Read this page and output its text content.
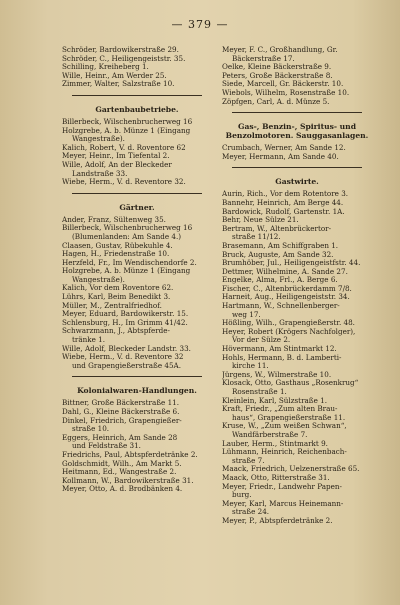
— 379 —
Schröder, Bardowikerstraße 29.
Schröder, C., Heiligengeiststr. 35.
Schilling, Kreiheberg 1.
Wille, Heinr., Am Werder 25.
Zimmer, Walter, Salzstraße 10.
Gartenbaubetriebe.
Billerbeck, Wilschenbrucherweg 16
Holzgrebe, A. b. Münze 1 (Eingang
Wangestraße).
Kalich, Robert, V. d. Roventore 62
Meyer, Heinr., Im Tiefental 2.
Wille, Adolf, An der Bleckeder
Landstraße 33.
Wiebe, Herm., V. d. Reventore 32.
Gärtner.
Ander, Franz, Sültenweg 35.
Billerbeck, Wilschenbrucherweg 16
(Blumenlanden: Am Sande 4.)
Claasen, Gustav, Rübekuhle 4.
Hagen, H., Friedenstraße 10.
Herzfeld, Fr., Im Wendischendorfe 2.
Holzgrebe, A. b. Münze 1 (Eingang
Wangestraße).
Kalich, Vor dem Roventore 62.
Lührs, Karl, Beim Benedikt 3.
Müller, M., Zentralfriedhof.
Meyer, Eduard, Bardowikerstr. 15.
Schlensburg, H., Im Grimm 41/42.
Schwarzmann, J., Abtspferde-
tränke 1.
Wille, Adolf, Bleckeder Landstr. 33.
Wiebe, Herm., V. d. Reventore 32
und Grapengießerstraße 45A.
Kolonialwaren-Handlungen.
Bittner, Große Bäckerstraße 11.
Dahl, G., Kleine Bäckerstraße 6.
Dinkel, Friedrich, Grapengießer-
straße 10.
Eggers, Heinrich, Am Sande 28
und Feldstraße 31.
Friedrichs, Paul, Abtspferdetränke 2.
Goldschmidt, Wilh., Am Markt 5.
Heitmann, Ed., Wangestraße 2.
Kollmann, W., Bardowikerstraße 31.
Meyer, Otto, A. d. Brodbänken 4.
Meyer, F. C., Großhandlung, Gr.
Bäckerstraße 17.
Oelke, Kleine Bäckerstraße 9.
Peters, Große Bäckerstraße 8.
Siede, Marcell, Gr. Bäckerstr. 10.
Wiebols, Wilhelm, Rosenstraße 10.
Zöpfgen, Carl, A. d. Münze 5.
Gas-, Benzin-, Spiritus- und Benzolmotoren. Sauggasanlagen.
Crumbach, Werner, Am Sande 12.
Meyer, Hermann, Am Sande 40.
Gastwirte.
Aurin, Rich., Vor dem Rotentore 3.
Bannehr, Heinrich, Am Berge 44.
Bardowick, Rudolf, Gartenstr. 1A.
Behr, Neue Sülze 21.
Bertram, W., Altenbrückertor-
straße 11/12.
Brasemann, Am Schiffgraben 1.
Bruck, Auguste, Am Sande 32.
Brumhöber, Jul., Heiligengeistfstr. 44.
Dettmer, Wilhelmine, A. Sande 27.
Engelke, Alma, Frl., A. Berge 6.
Fischer, C., Altenbrückerdamm 7/8.
Harneit, Aug., Heiligengeiststr. 34.
Hartmann, W., Schnellenberger-
weg 17.
Hößling, Wilh., Grapengießerstr. 48.
Heyer, Robert (Krögers Nachfolger),
Vor der Sülze 2.
Hövermann, Am Stintmarkt 12.
Hohls, Hermann, B. d. Lamberti-
kirche 11.
Jürgens, W., Wilmerstraße 10.
Klosack, Otto, Gasthaus „Rosenkrug“
Rosenstraße 1.
Kleinlein, Karl, Sülzstraße 1.
Kraft, Friedr., „Zum alten Brau-
haus“, Grapengießerstraße 11.
Kruse, W., „Zum weißen Schwan“,
Wandfärberstraße 7.
Lauber, Herm., Stintmarkt 9.
Lühmann, Heinrich, Reichenbach-
straße 7.
Maack, Friedrich, Uelzenerstraße 65.
Maack, Otto, Ritterstraße 31.
Meyer, Friedr., Landwehr Papen-
burg.
Meyer, Karl, Marcus Heinemann-
straße 24.
Meyer, P., Abtspferdetränke 2.
